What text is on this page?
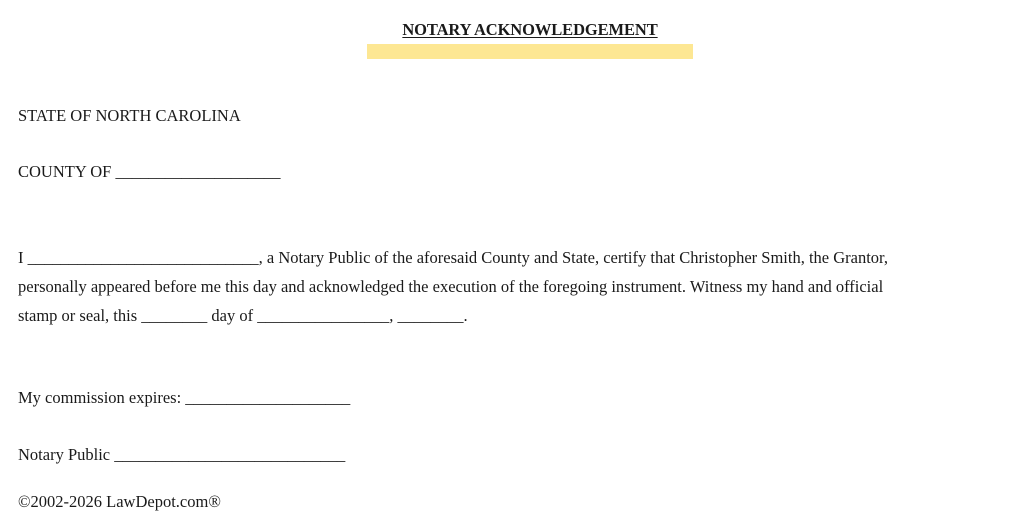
NOTARY ACKNOWLEDGEMENT
STATE OF NORTH CAROLINA
COUNTY OF ____________________
I ____________________________, a Notary Public of the aforesaid County and State, certify that Christopher Smith, the Grantor,
personally appeared before me this day and acknowledged the execution of the foregoing instrument. Witness my hand and official
stamp or seal, this ________ day of ________________, ________.
My commission expires: ____________________
Notary Public ____________________________
©2002-2026 LawDepot.com®
